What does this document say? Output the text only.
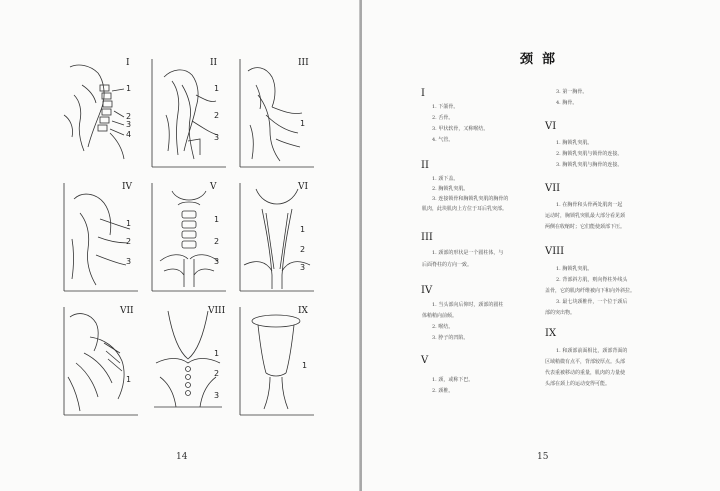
I
1
2
3
4
II
1
2
3
III
1
IV
1
2
3
V
1
2
3
VI
1
2
3
VII
1
VIII
1
2
3
IX
1
14
颈部
I
1. 下颌骨。
2. 舌骨。
3. 甲状软骨，又称喉结。
4. 气管。
II
1. 颈下盖。
2. 胸锁乳突肌。
3. 连接锁骨和胸锁乳突肌的胸骨的
肌肉，此块肌肉上方位于耳后乳突部。
III
1. 颈部的形状是一个圆柱体，与
后面脊柱的方向一致。
IV
1. 当头部向后仰时，颈部的圆柱
体稍稍向前倾。
2. 喉结。
3. 脖子的凹陷。
V
1. 颈，或称下巴。
2. 颈椎。
3. 第一胸骨。
4. 胸骨。
VI
1. 胸锁乳突肌。
2. 胸锁乳突肌与锁骨的连接。
3. 胸锁乳突肌与胸骨的连接。
VII
1. 在胸骨和头骨两处肌肉一起
运动时，胸锁乳突肌最大部分看见颈
两侧在收缩时；它们能使颈部下压。
VIII
1. 胸锁乳突肌。
2. 背部斜方肌，则向脊柱外线头
盖骨，它的肌肉纤维被向下和向外斜拉。
3. 最七块颈椎骨，一个位于颈后
部的突出物。
IX
1. 和颈部前面相比，颈部背面的
区域稍微有点平，背部较厚点。头部
代表重被移动的重量，肌肉的力量使
头部在颈上的运动变得可能。
15
